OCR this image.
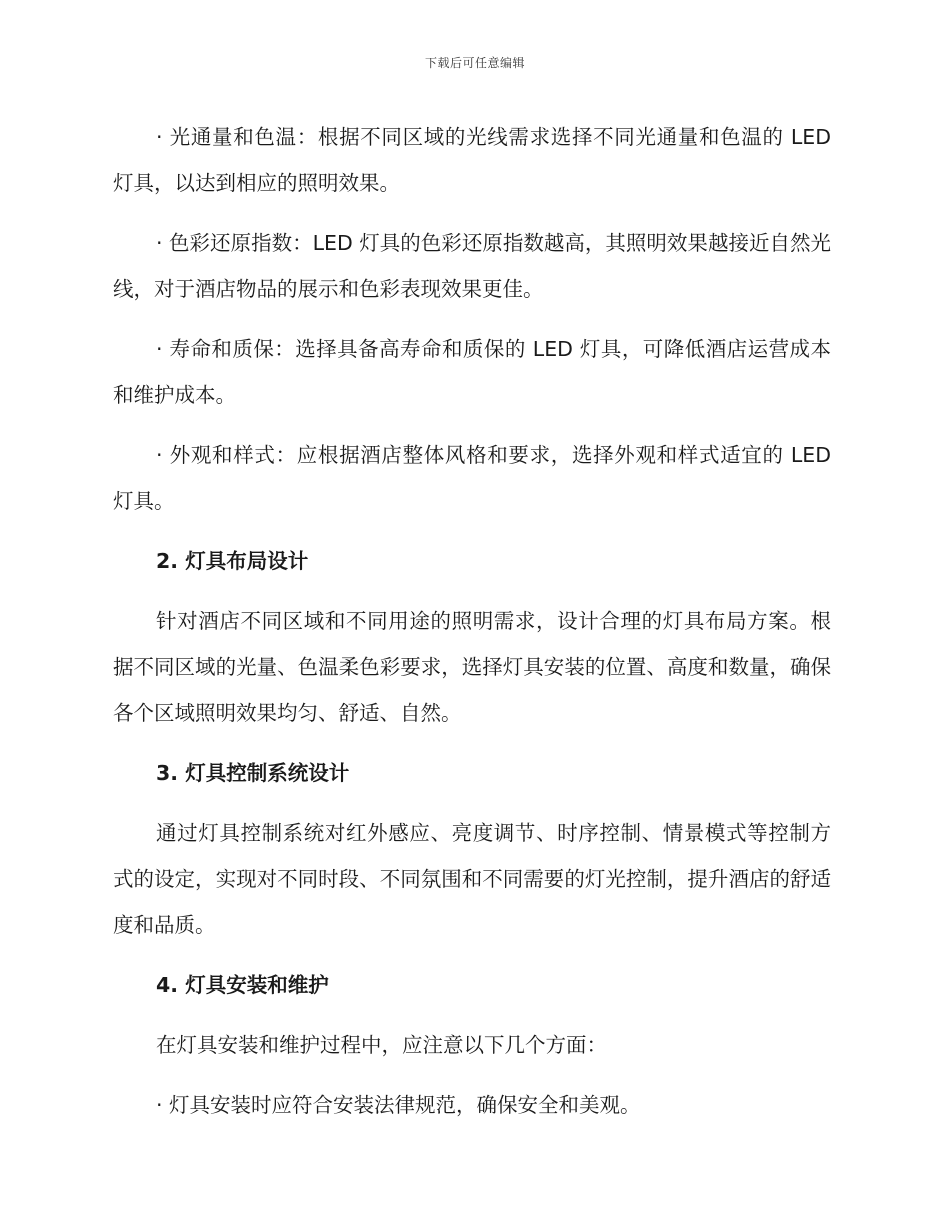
下载后可任意编辑

· 光通量和色温：根据不同区域的光线需求选择不同光通量和色温的 LED 灯具，以达到相应的照明效果。

· 色彩还原指数：LED 灯具的色彩还原指数越高，其照明效果越接近自然光线，对于酒店物品的展示和色彩表现效果更佳。

· 寿命和质保：选择具备高寿命和质保的 LED 灯具，可降低酒店运营成本和维护成本。

· 外观和样式：应根据酒店整体风格和要求，选择外观和样式适宜的 LED 灯具。

2. 灯具布局设计

针对酒店不同区域和不同用途的照明需求，设计合理的灯具布局方案。根据不同区域的光量、色温柔色彩要求，选择灯具安装的位置、高度和数量，确保各个区域照明效果均匀、舒适、自然。

3. 灯具控制系统设计

通过灯具控制系统对红外感应、亮度调节、时序控制、情景模式等控制方式的设定，实现对不同时段、不同氛围和不同需要的灯光控制，提升酒店的舒适度和品质。

4. 灯具安装和维护

在灯具安装和维护过程中，应注意以下几个方面：

· 灯具安装时应符合安装法律规范，确保安全和美观。
